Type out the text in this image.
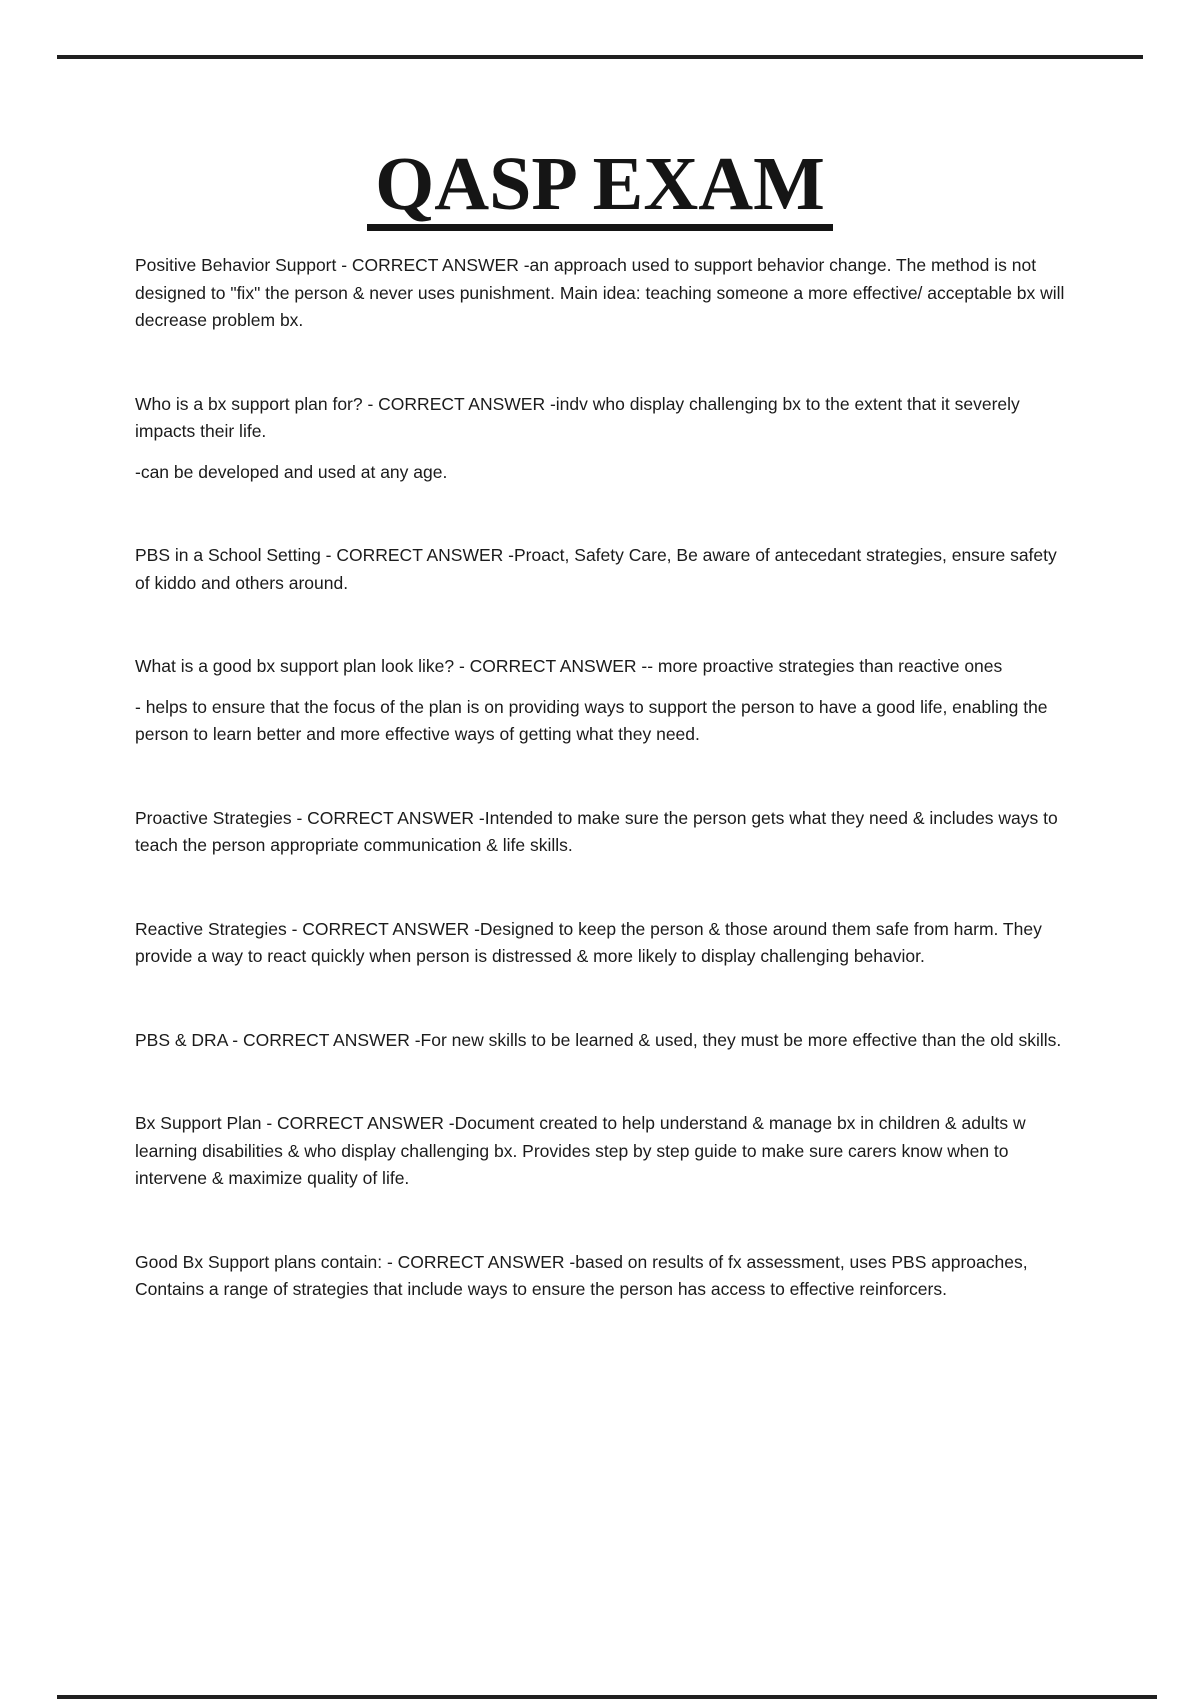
QASP EXAM

Positive Behavior Support - CORRECT ANSWER -an approach used to support behavior change. The method is not designed to "fix" the person & never uses punishment. Main idea: teaching someone a more effective/ acceptable bx will decrease problem bx.

Who is a bx support plan for? - CORRECT ANSWER -indv who display challenging bx to the extent that it severely impacts their life.

-can be developed and used at any age.

PBS in a School Setting - CORRECT ANSWER -Proact, Safety Care, Be aware of antecedant strategies, ensure safety of kiddo and others around.

What is a good bx support plan look like? - CORRECT ANSWER -- more proactive strategies than reactive ones

- helps to ensure that the focus of the plan is on providing ways to support the person to have a good life, enabling the person to learn better and more effective ways of getting what they need.

Proactive Strategies - CORRECT ANSWER -Intended to make sure the person gets what they need & includes ways to teach the person appropriate communication & life skills.

Reactive Strategies - CORRECT ANSWER -Designed to keep the person & those around them safe from harm. They provide a way to react quickly when person is distressed & more likely to display challenging behavior.

PBS & DRA - CORRECT ANSWER -For new skills to be learned & used, they must be more effective than the old skills.

Bx Support Plan - CORRECT ANSWER -Document created to help understand & manage bx in children & adults w learning disabilities & who display challenging bx. Provides step by step guide to make sure carers know when to intervene & maximize quality of life.

Good Bx Support plans contain: - CORRECT ANSWER -based on results of fx assessment, uses PBS approaches, Contains a range of strategies that include ways to ensure the person has access to effective reinforcers.
